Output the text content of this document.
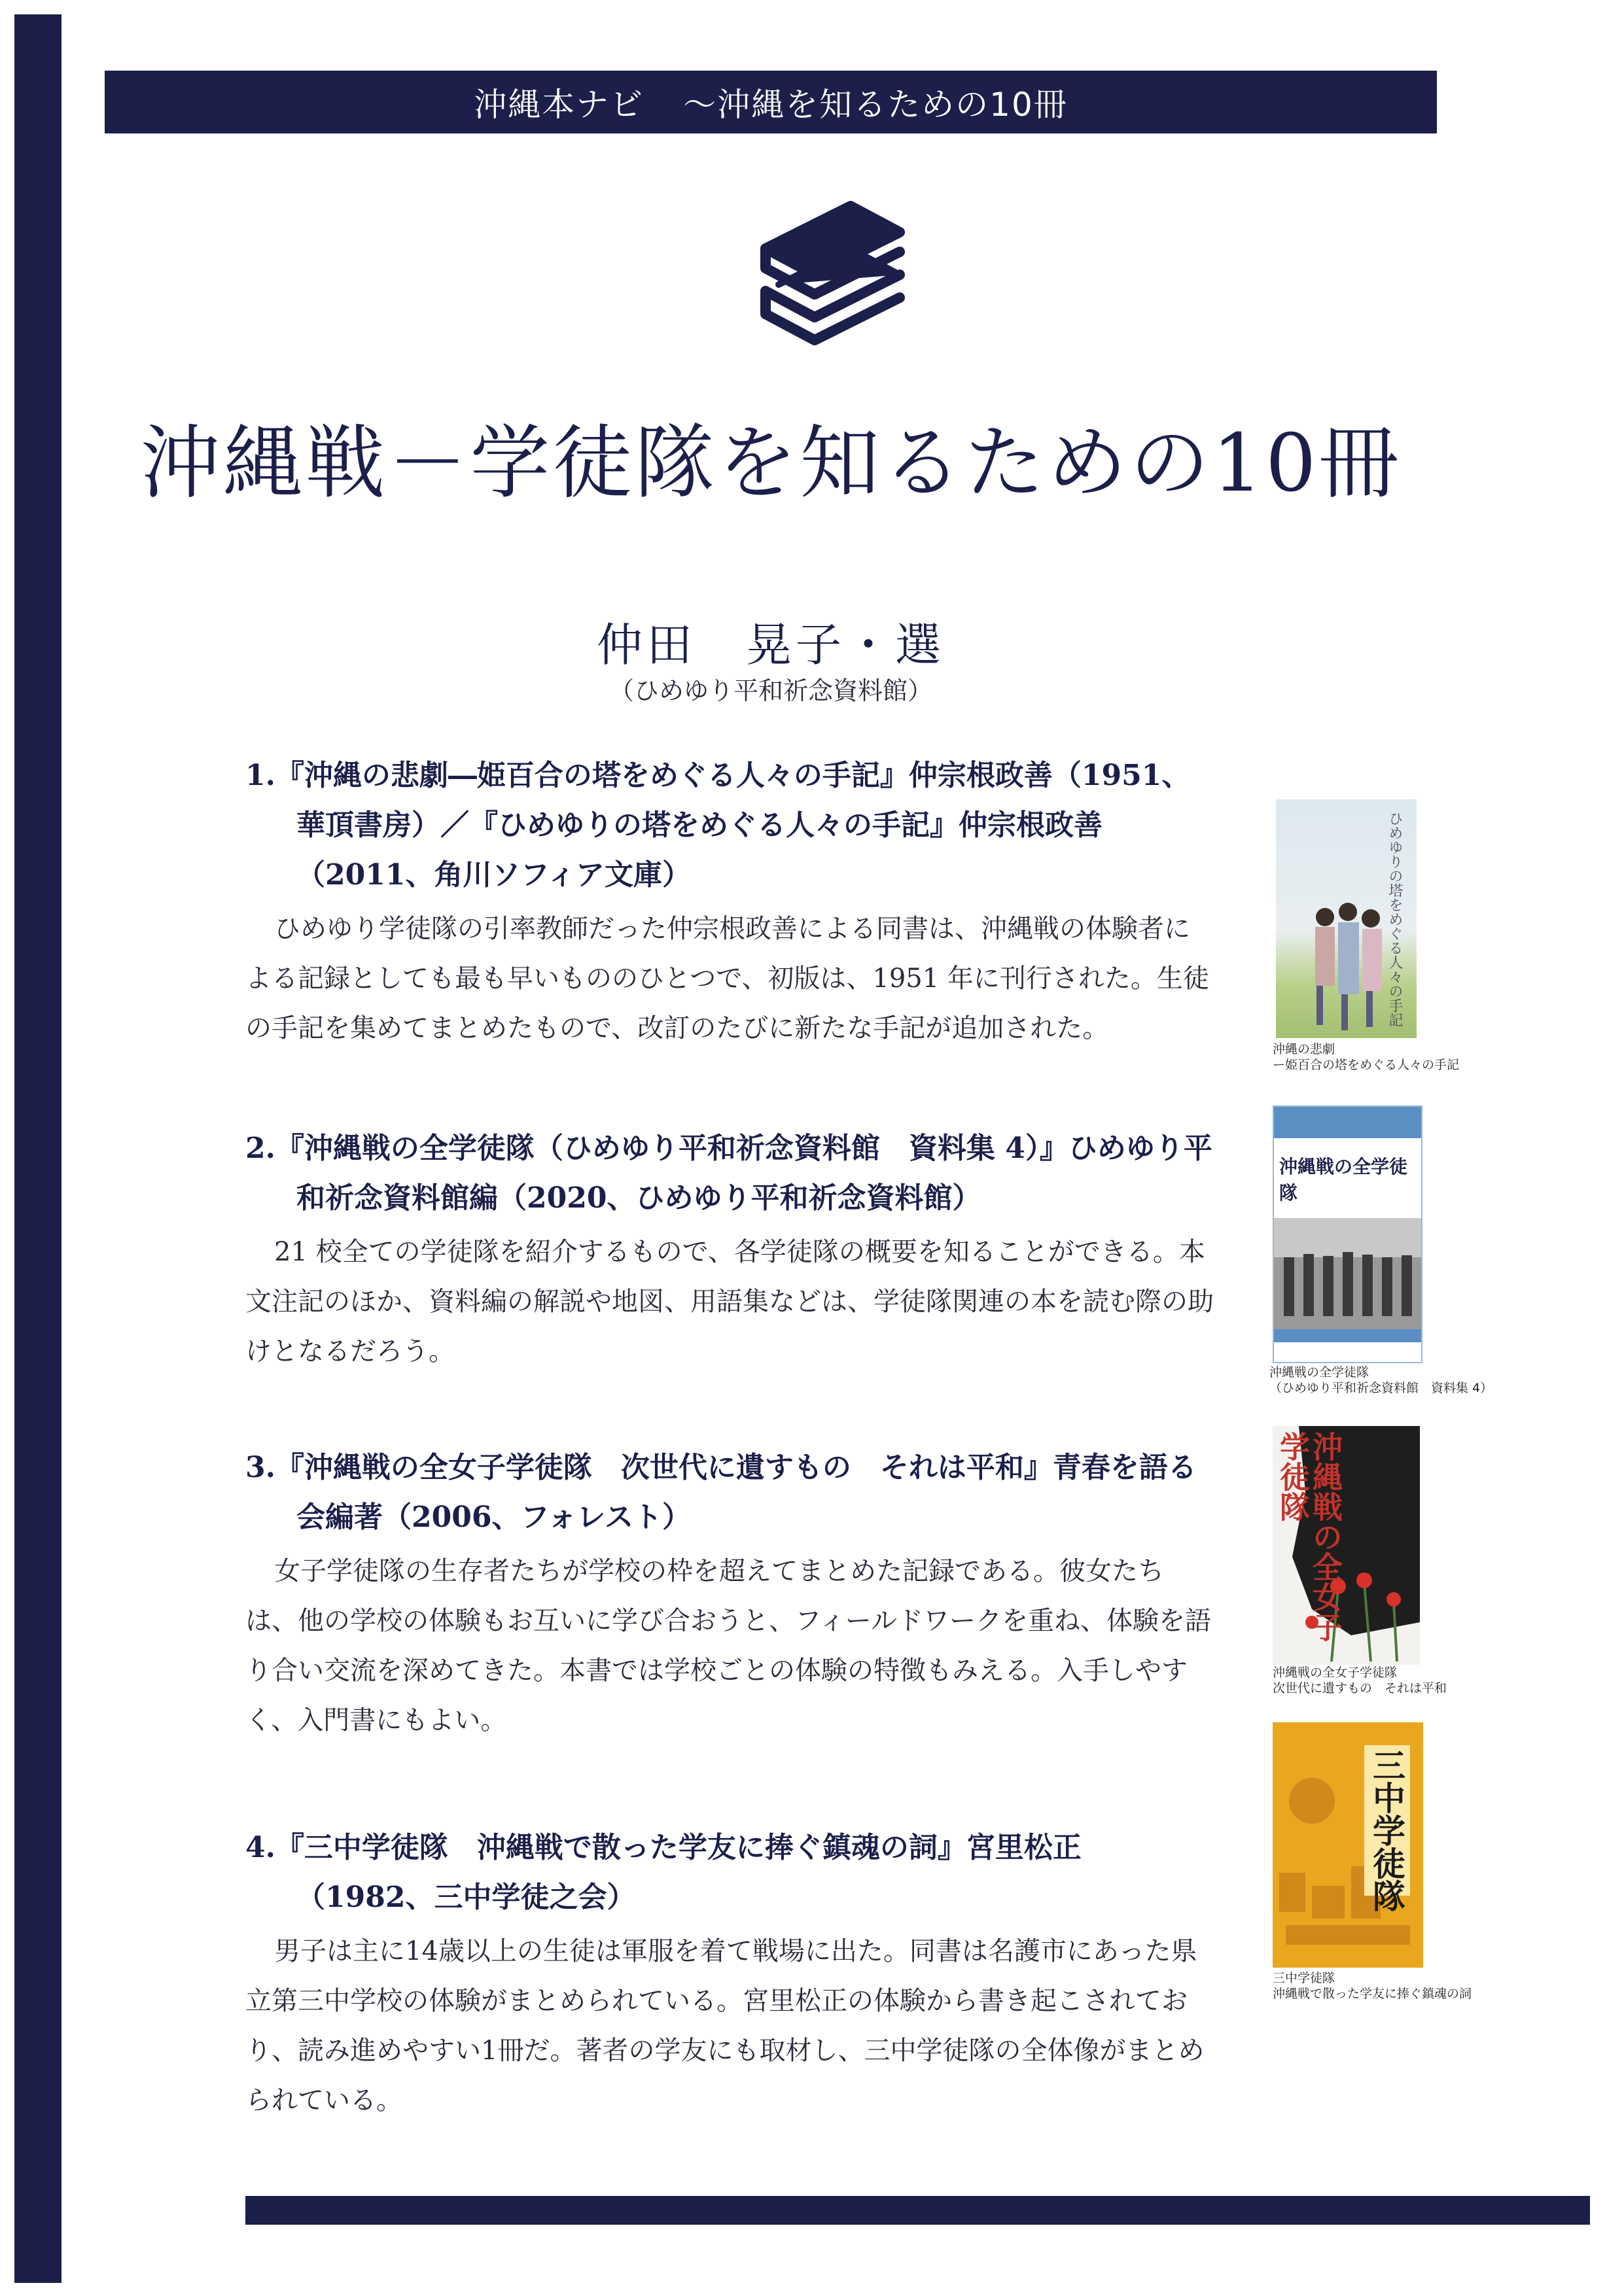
沖縄本ナビ ～沖縄を知るための10冊
沖縄戦－学徒隊を知るための10冊
仲田　晃子・選
（ひめゆり平和祈念資料館）

1.『沖縄の悲劇―姫百合の塔をめぐる人々の手記』仲宗根政善（1951、華頂書房）／『ひめゆりの塔をめぐる人々の手記』仲宗根政善（2011、角川ソフィア文庫）

ひめゆり学徒隊の引率教師だった仲宗根政善による同書は、沖縄戦の体験者による記録としても最も早いもののひとつで、初版は、1951 年に刊行された。生徒の手記を集めてまとめたもので、改訂のたびに新たな手記が追加された。

ひめゆりの塔をめぐる人々の手記
沖縄の悲劇
ー姫百合の塔をめぐる人々の手記

2.『沖縄戦の全学徒隊（ひめゆり平和祈念資料館　資料集 4）』ひめゆり平和祈念資料館編（2020、ひめゆり平和祈念資料館）

21 校全ての学徒隊を紹介するもので、各学徒隊の概要を知ることができる。本文注記のほか、資料編の解説や地図、用語集などは、学徒隊関連の本を読む際の助けとなるだろう。

沖縄戦の全学徒隊
沖縄戦の全学徒隊
（ひめゆり平和祈念資料館　資料集 4）

3.『沖縄戦の全女子学徒隊　次世代に遺すもの　それは平和』青春を語る会編著（2006、フォレスト）

女子学徒隊の生存者たちが学校の枠を超えてまとめた記録である。彼女たちは、他の学校の体験もお互いに学び合おうと、フィールドワークを重ね、体験を語り合い交流を深めてきた。本書では学校ごとの体験の特徴もみえる。入手しやすく、入門書にもよい。

沖縄戦の全女子学徒隊
沖縄戦の全女子学徒隊
次世代に遺すもの　それは平和

4.『三中学徒隊　沖縄戦で散った学友に捧ぐ鎮魂の詞』宮里松正（1982、三中学徒之会）

男子は主に14歳以上の生徒は軍服を着て戦場に出た。同書は名護市にあった県立第三中学校の体験がまとめられている。宮里松正の体験から書き起こされており、読み進めやすい1冊だ。著者の学友にも取材し、三中学徒隊の全体像がまとめられている。

三中学徒隊
三中学徒隊
沖縄戦で散った学友に捧ぐ鎮魂の詞
